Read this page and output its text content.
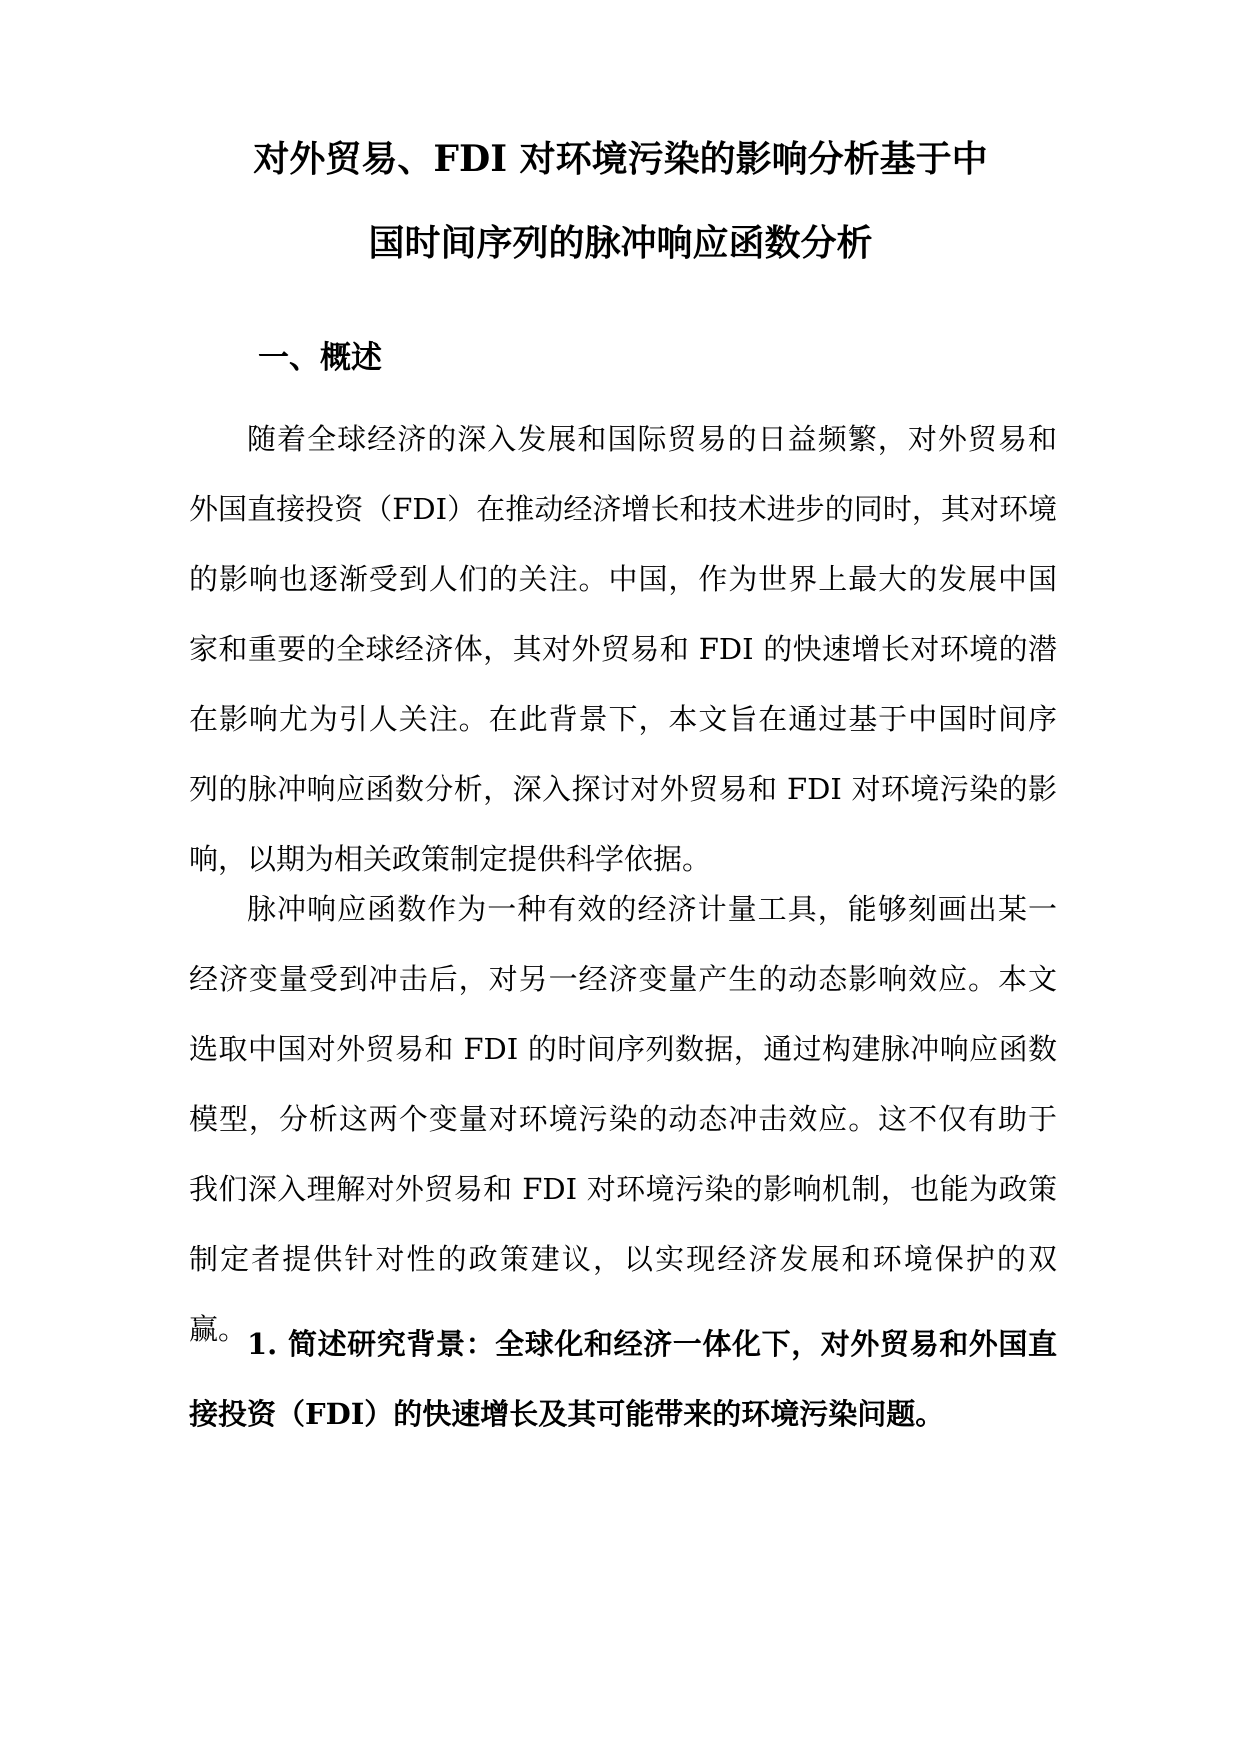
对外贸易、FDI 对环境污染的影响分析基于中
国时间序列的脉冲响应函数分析
一、概述

随着全球经济的深入发展和国际贸易的日益频繁，对外贸易和外国直接投资（FDI）在推动经济增长和技术进步的同时，其对环境的影响也逐渐受到人们的关注。中国，作为世界上最大的发展中国家和重要的全球经济体，其对外贸易和 FDI 的快速增长对环境的潜在影响尤为引人关注。在此背景下，本文旨在通过基于中国时间序列的脉冲响应函数分析，深入探讨对外贸易和 FDI 对环境污染的影响，以期为相关政策制定提供科学依据。

脉冲响应函数作为一种有效的经济计量工具，能够刻画出某一经济变量受到冲击后，对另一经济变量产生的动态影响效应。本文选取中国对外贸易和 FDI 的时间序列数据，通过构建脉冲响应函数模型，分析这两个变量对环境污染的动态冲击效应。这不仅有助于我们深入理解对外贸易和 FDI 对环境污染的影响机制，也能为政策制定者提供针对性的政策建议，以实现经济发展和环境保护的双赢。 1. 简述研究背景：全球化和经济一体化下，对外贸易和外国直接投资（FDI）的快速增长及其可能带来的环境污染问题。
